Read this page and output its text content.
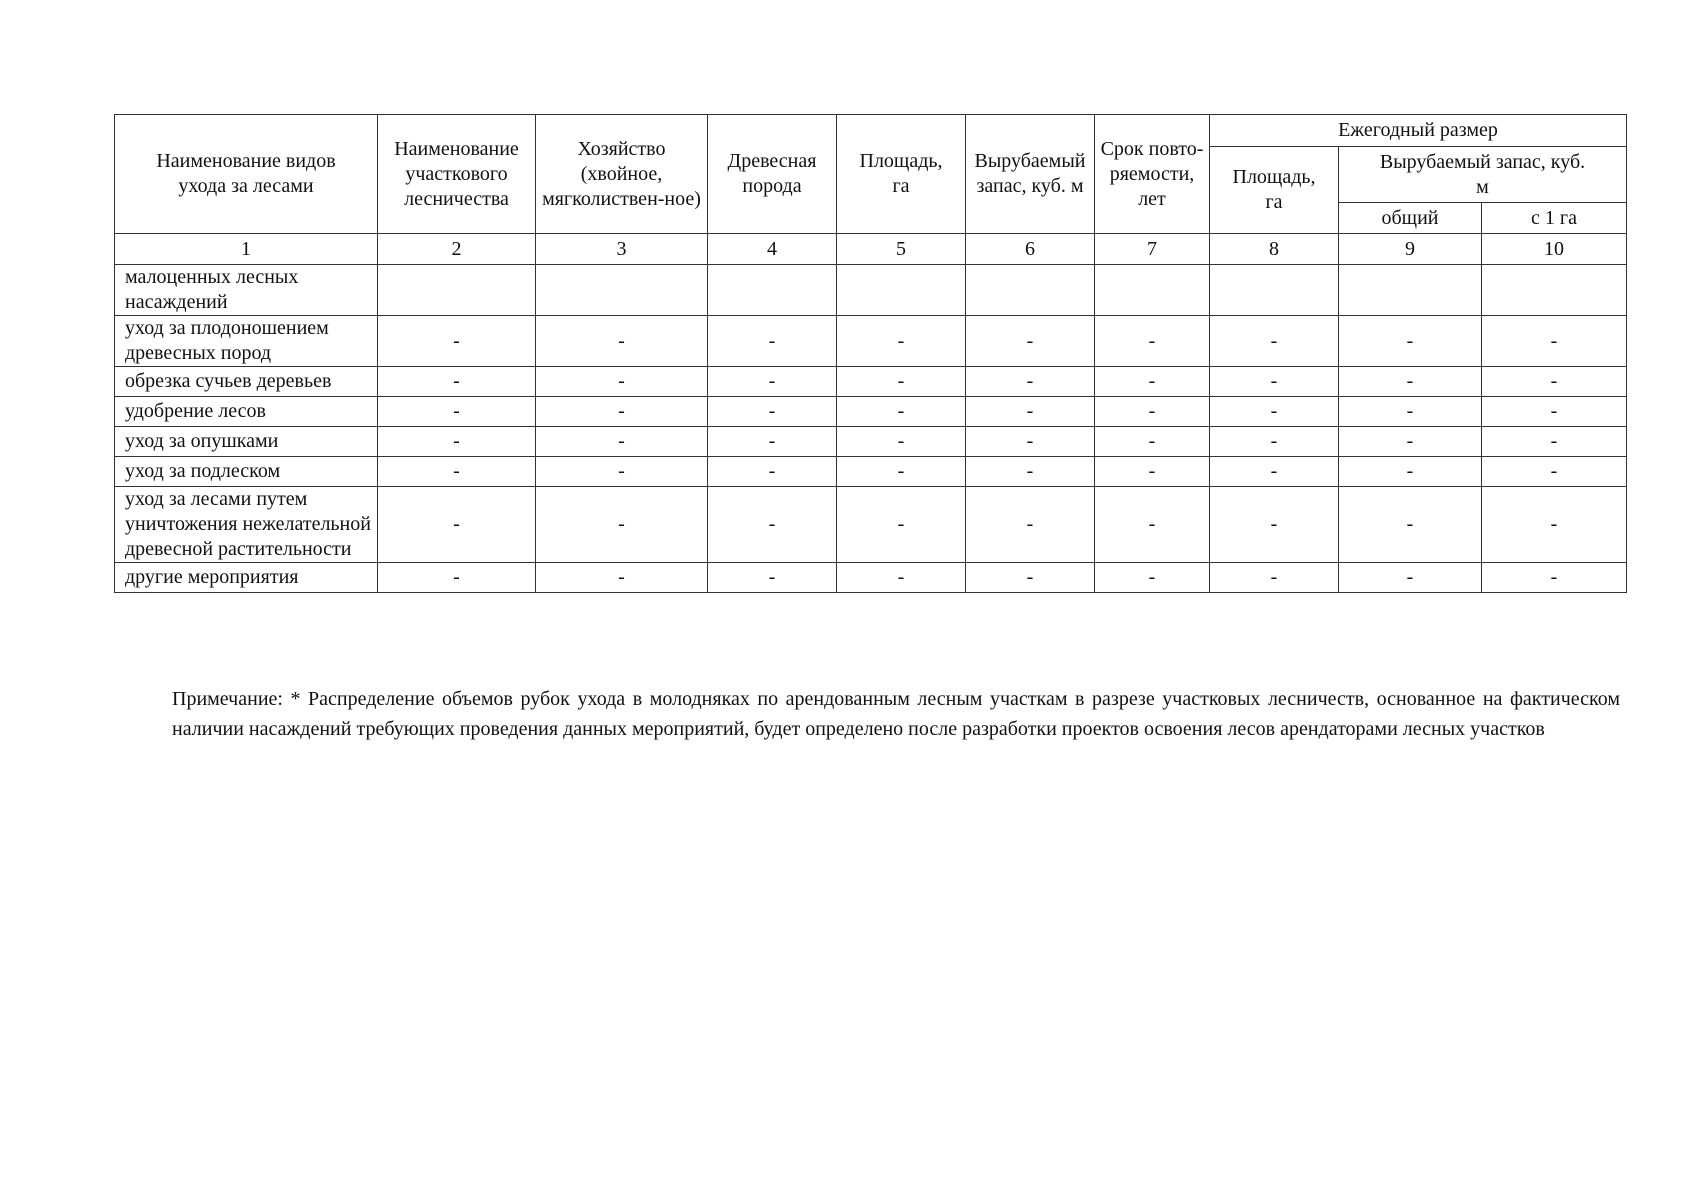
Наименование видов ухода за лесами	Наименование участкового лесничества	Хозяйство (хвойное, мягколиствен-ное)	Древесная порода	Площадь, га	Вырубаемый запас, куб. м	Срок повто-ряемости, лет	Ежегодный размер		
							Площадь, га	Вырубаемый запас, куб. м	
								общий	с 1 га
1	2	3	4	5	6	7	8	9	10
малоценных лесных насаждений									
уход за плодоношением древесных пород	-	-	-	-	-	-	-	-	-
обрезка сучьев деревьев	-	-	-	-	-	-	-	-	-
удобрение лесов	-	-	-	-	-	-	-	-	-
уход за опушками	-	-	-	-	-	-	-	-	-
уход за подлеском	-	-	-	-	-	-	-	-	-
уход за лесами путем уничтожения нежелательной древесной растительности	-	-	-	-	-	-	-	-	-
другие мероприятия	-	-	-	-	-	-	-	-	-
Примечание: * Распределение объемов рубок ухода в молодняках по арендованным лесным участкам в разрезе участковых лесничеств, основанное на фактическом наличии насаждений требующих проведения данных мероприятий, будет определено после разработки проектов освоения лесов арендаторами лесных участков
